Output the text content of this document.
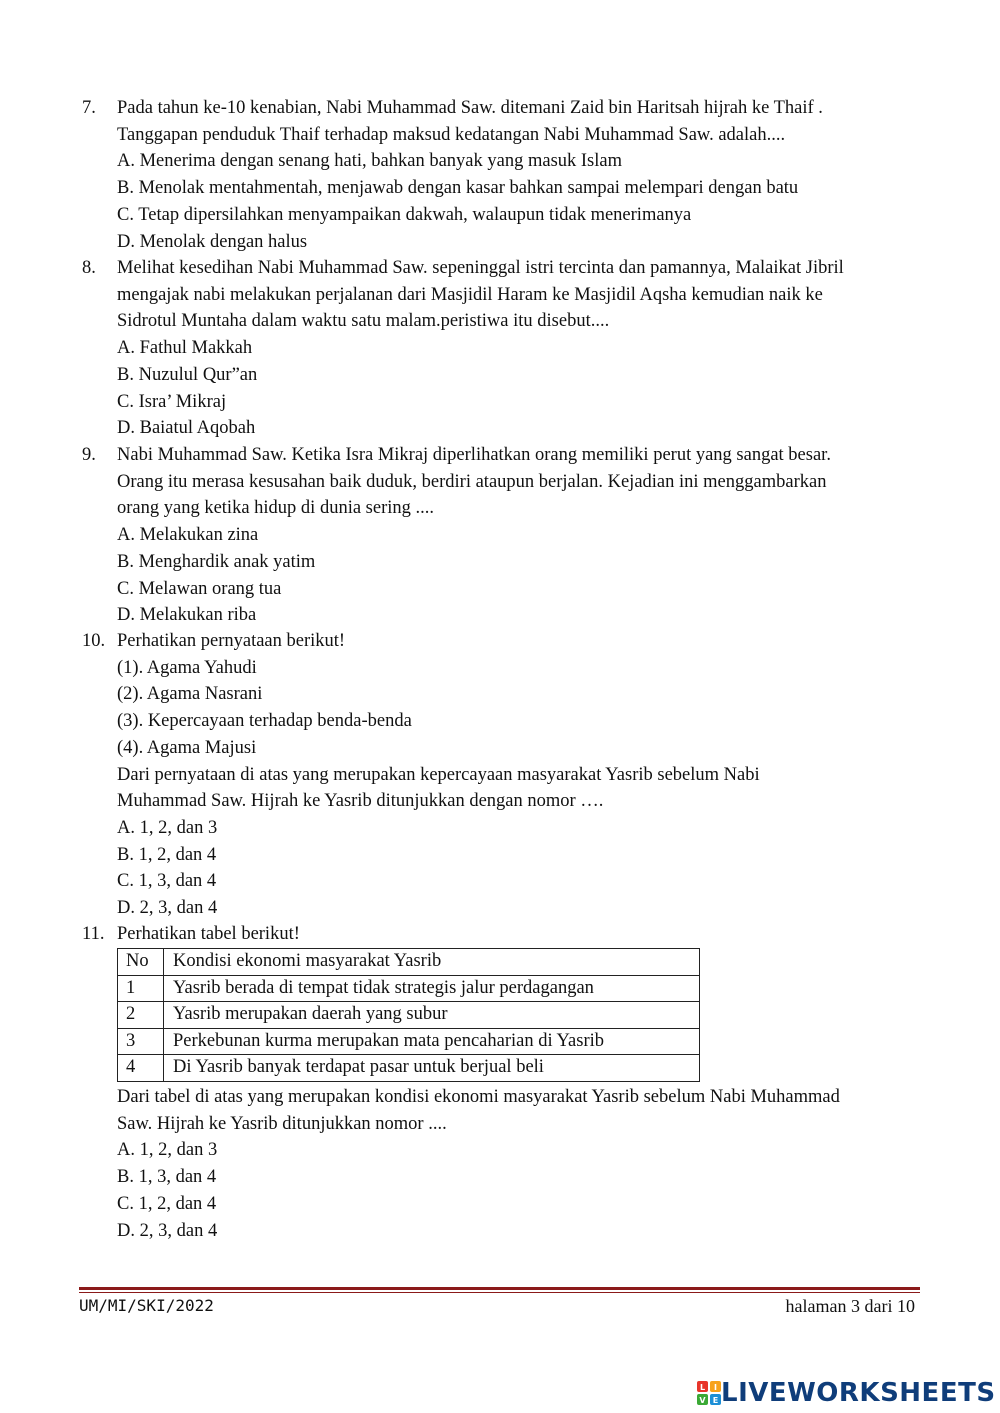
7. Pada tahun ke-10 kenabian, Nabi Muhammad Saw. ditemani Zaid bin Haritsah hijrah ke Thaif .
Tanggapan penduduk Thaif terhadap maksud kedatangan Nabi Muhammad Saw. adalah....
A. Menerima dengan senang hati, bahkan banyak yang masuk Islam
B. Menolak mentahmentah, menjawab dengan kasar bahkan sampai melempari dengan batu
C. Tetap dipersilahkan menyampaikan dakwah, walaupun tidak menerimanya
D. Menolak dengan halus
8. Melihat kesedihan Nabi Muhammad Saw. sepeninggal istri tercinta dan pamannya, Malaikat Jibril
mengajak nabi melakukan perjalanan dari Masjidil Haram ke Masjidil Aqsha kemudian naik ke
Sidrotul Muntaha dalam waktu satu malam.peristiwa itu disebut....
A. Fathul Makkah
B. Nuzulul Qur”an
C. Isra’ Mikraj
D. Baiatul Aqobah
9. Nabi Muhammad Saw. Ketika Isra Mikraj diperlihatkan orang memiliki perut yang sangat besar.
Orang itu merasa kesusahan baik duduk, berdiri ataupun berjalan. Kejadian ini menggambarkan
orang yang ketika hidup di dunia sering ....
A. Melakukan zina
B. Menghardik anak yatim
C. Melawan orang tua
D. Melakukan riba
10. Perhatikan pernyataan berikut!
(1). Agama Yahudi
(2). Agama Nasrani
(3). Kepercayaan terhadap benda-benda
(4). Agama Majusi
Dari pernyataan di atas yang merupakan kepercayaan masyarakat Yasrib sebelum Nabi
Muhammad Saw. Hijrah ke Yasrib ditunjukkan dengan nomor ….
A. 1, 2, dan 3
B. 1, 2, dan 4
C. 1, 3, dan 4
D. 2, 3, dan 4
11. Perhatikan tabel berikut!
No	Kondisi ekonomi masyarakat Yasrib
1	Yasrib berada di tempat tidak strategis jalur perdagangan
2	Yasrib merupakan daerah yang subur
3	Perkebunan kurma merupakan mata pencaharian di Yasrib
4	Di Yasrib banyak terdapat pasar untuk berjual beli
Dari tabel di atas yang merupakan kondisi ekonomi masyarakat Yasrib sebelum Nabi Muhammad
Saw. Hijrah ke Yasrib ditunjukkan nomor ....
A. 1, 2, dan 3
B. 1, 3, dan 4
C. 1, 2, dan 4
D. 2, 3, dan 4
UM/MI/SKI/2022	halaman 3 dari 10
L I
V E LIVEWORKSHEETS
